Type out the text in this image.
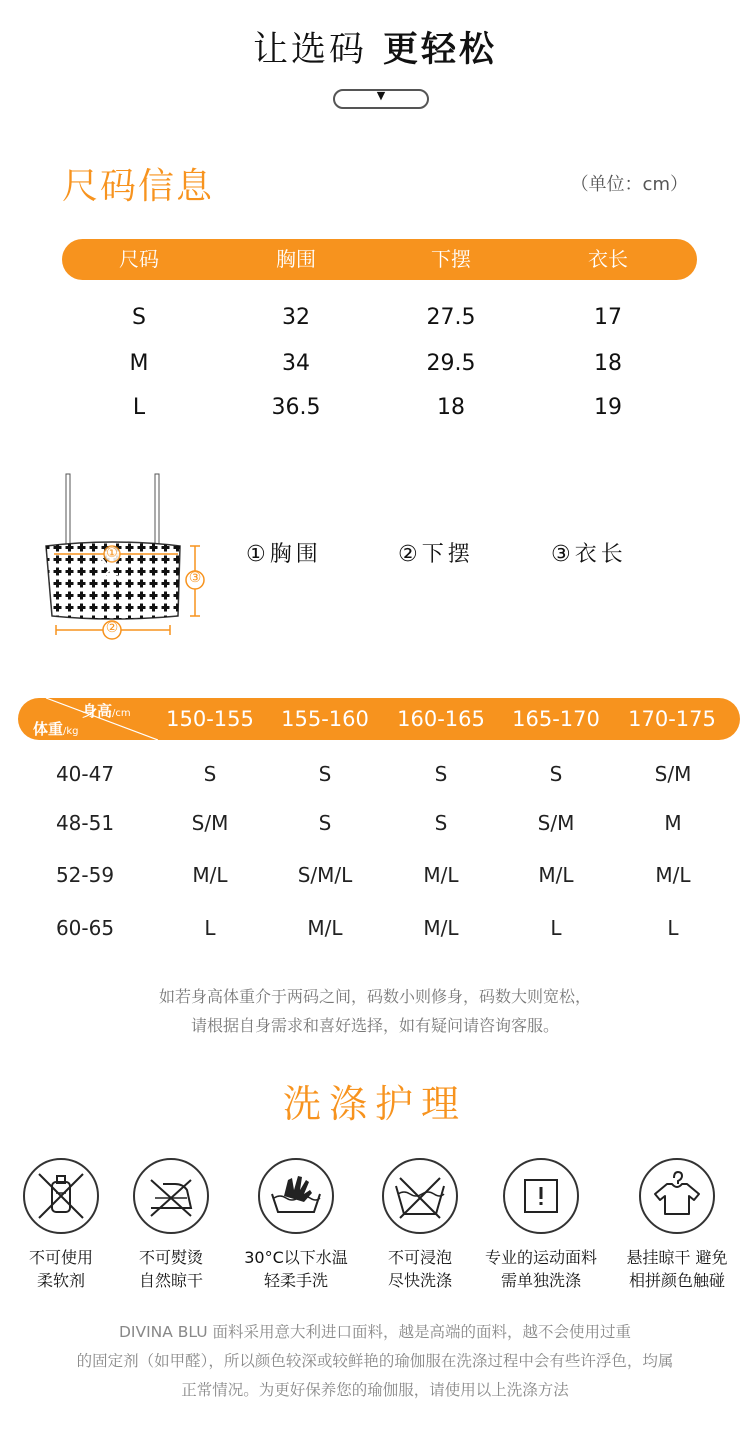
让选码 更轻松
▼
尺码信息	（单位：cm）
尺码	胸围	下摆	衣长
S	32	27.5	17
M	34	29.5	18
L	36.5	18	19
①
②
③
①胸围	②下摆	③衣长
身高/cm
体重/kg
150-155	155-160	160-165	165-170	170-175
40-47	S	S	S	S	S/M
48-51	S/M	S	S	S/M	M
52-59	M/L	S/M/L	M/L	M/L	M/L
60-65	L	M/L	M/L	L	L
如若身高体重介于两码之间，码数小则修身，码数大则宽松，
请根据自身需求和喜好选择，如有疑问请咨询客服。
洗涤护理
不可使用
柔软剂
不可熨烫
自然晾干
30°C以下水温
轻柔手洗
不可浸泡
尽快洗涤
专业的运动面料
需单独洗涤
悬挂晾干 避免
相拼颜色触碰
DIVINA BLU 面料采用意大利进口面料，越是高端的面料，越不会使用过重
的固定剂（如甲醛），所以颜色较深或较鲜艳的瑜伽服在洗涤过程中会有些许浮色，均属
正常情况。为更好保养您的瑜伽服，请使用以上洗涤方法
